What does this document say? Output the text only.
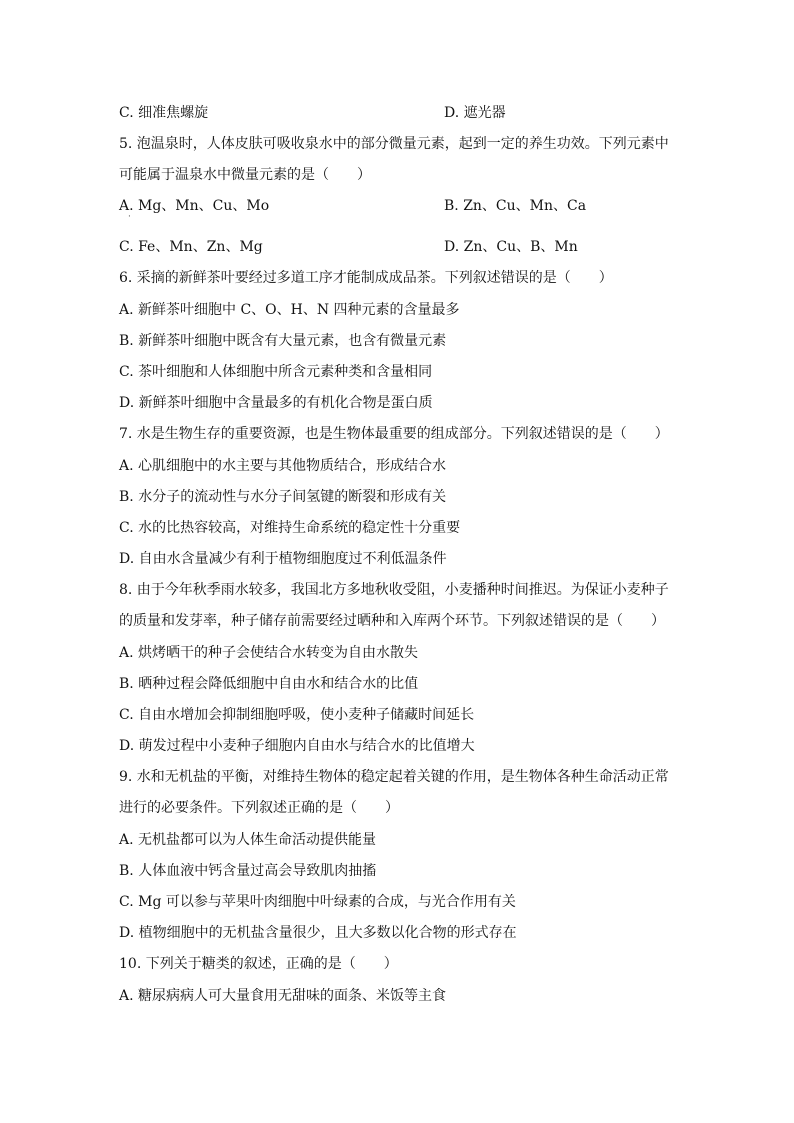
C. 细准焦螺旋	D. 遮光器
5. 泡温泉时，人体皮肤可吸收泉水中的部分微量元素，起到一定的养生功效。下列元素中
可能属于温泉水中微量元素的是（　　）
A. Mg、Mn、Cu、Mo	B. Zn、Cu、Mn、Ca
·
C. Fe、Mn、Zn、Mg	D. Zn、Cu、B、Mn
6. 采摘的新鲜茶叶要经过多道工序才能制成成品茶。下列叙述错误的是（　　）
A. 新鲜茶叶细胞中 C、O、H、N 四种元素的含量最多
B. 新鲜茶叶细胞中既含有大量元素，也含有微量元素
C. 茶叶细胞和人体细胞中所含元素种类和含量相同
D. 新鲜茶叶细胞中含量最多的有机化合物是蛋白质
7. 水是生物生存的重要资源，也是生物体最重要的组成部分。下列叙述错误的是（　　）
A. 心肌细胞中的水主要与其他物质结合，形成结合水
B. 水分子的流动性与水分子间氢键的断裂和形成有关
C. 水的比热容较高，对维持生命系统的稳定性十分重要
D. 自由水含量减少有利于植物细胞度过不利低温条件
8. 由于今年秋季雨水较多，我国北方多地秋收受阻，小麦播种时间推迟。为保证小麦种子
的质量和发芽率，种子储存前需要经过晒种和入库两个环节。下列叙述错误的是（　　）
A. 烘烤晒干的种子会使结合水转变为自由水散失
B. 晒种过程会降低细胞中自由水和结合水的比值
C. 自由水增加会抑制细胞呼吸，使小麦种子储藏时间延长
D. 萌发过程中小麦种子细胞内自由水与结合水的比值增大
9. 水和无机盐的平衡，对维持生物体的稳定起着关键的作用，是生物体各种生命活动正常
进行的必要条件。下列叙述正确的是（　　）
A. 无机盐都可以为人体生命活动提供能量
B. 人体血液中钙含量过高会导致肌肉抽搐
C. Mg 可以参与苹果叶肉细胞中叶绿素的合成，与光合作用有关
D. 植物细胞中的无机盐含量很少，且大多数以化合物的形式存在
10. 下列关于糖类的叙述，正确的是（　　）
A. 糖尿病病人可大量食用无甜味的面条、米饭等主食
